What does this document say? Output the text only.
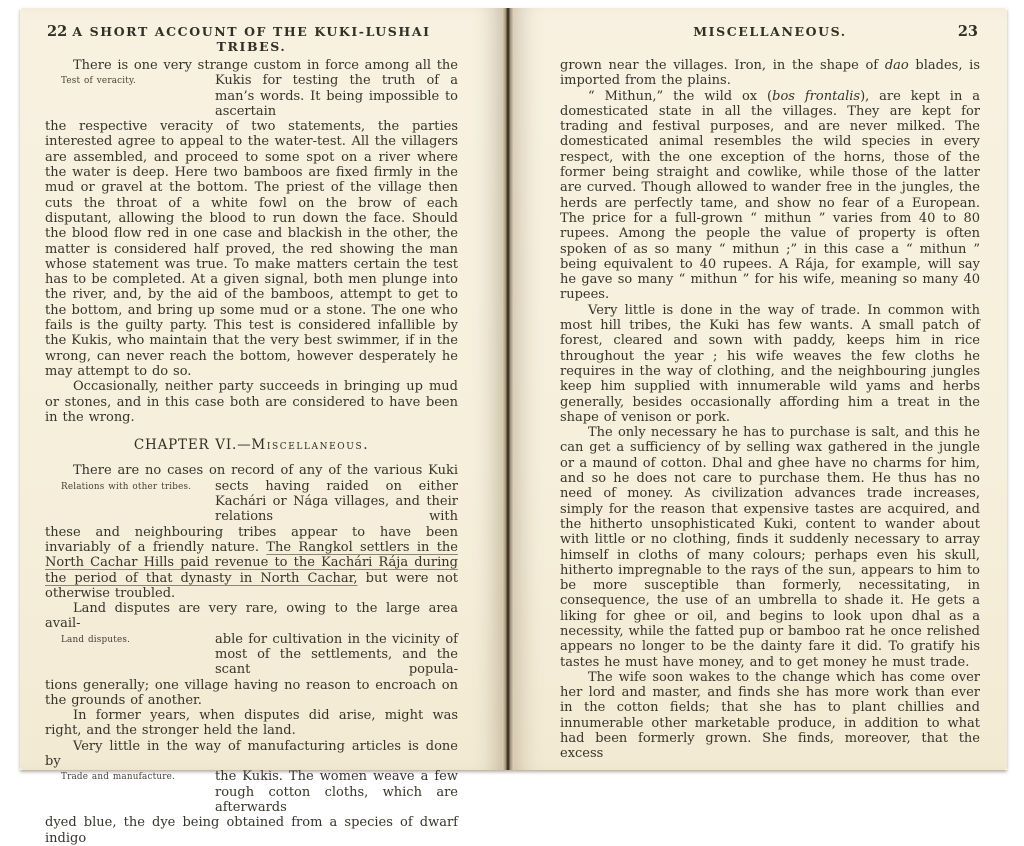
22 A SHORT ACCOUNT OF THE KUKI-LUSHAI TRIBES.
There is one very strange custom in force among all the
Test of veracity.	Kukis for testing the truth of a man’s words. It being impossible to ascertain
the respective veracity of two statements, the parties interested agree to appeal to the water-test. All the villagers are assembled, and proceed to some spot on a river where the water is deep. Here two bamboos are fixed firmly in the mud or gravel at the bottom. The priest of the village then cuts the throat of a white fowl on the brow of each disputant, allowing the blood to run down the face. Should the blood flow red in one case and blackish in the other, the matter is considered half proved, the red showing the man whose statement was true. To make matters certain the test has to be completed. At a given signal, both men plunge into the river, and, by the aid of the bamboos, attempt to get to the bottom, and bring up some mud or a stone. The one who fails is the guilty party. This test is considered infallible by the Kukis, who maintain that the very best swimmer, if in the wrong, can never reach the bottom, however desperately he may attempt to do so.

Occasionally, neither party succeeds in bringing up mud or stones, and in this case both are considered to have been in the wrong.

CHAPTER VI.—Miscellaneous.
There are no cases on record of any of the various Kuki
Relations with other tribes.	sects having raided on either Kachári or Nága villages, and their relations with
these and neighbouring tribes appear to have been invariably of a friendly nature. The Rangkol settlers in the North Cachar Hills paid revenue to the Kachári Rája during the period of that dynasty in North Cachar, but were not otherwise troubled.
Land disputes are very rare, owing to the large area avail-
Land disputes.	able for cultivation in the vicinity of most of the settlements, and the scant popula-
tions generally; one village having no reason to encroach on the grounds of another.

In former years, when disputes did arise, might was right, and the stronger held the land.

Very little in the way of manufacturing articles is done by
Trade and manufacture.	the Kukis. The women weave a few rough cotton cloths, which are afterwards
dyed blue, the dye being obtained from a species of dwarf indigo
MISCELLANEOUS.	23

grown near the villages. Iron, in the shape of dao blades, is imported from the plains.

“ Mithun,” the wild ox (bos frontalis), are kept in a domesticated state in all the villages. They are kept for trading and festival purposes, and are never milked. The domesticated animal resembles the wild species in every respect, with the one exception of the horns, those of the former being straight and cowlike, while those of the latter are curved. Though allowed to wander free in the jungles, the herds are perfectly tame, and show no fear of a European. The price for a full-grown “ mithun ” varies from 40 to 80 rupees. Among the people the value of property is often spoken of as so many “ mithun ;” in this case a “ mithun ” being equivalent to 40 rupees. A Rája, for example, will say he gave so many “ mithun ” for his wife, meaning so many 40 rupees.

Very little is done in the way of trade. In common with most hill tribes, the Kuki has few wants. A small patch of forest, cleared and sown with paddy, keeps him in rice throughout the year ; his wife weaves the few cloths he requires in the way of clothing, and the neighbouring jungles keep him supplied with innumerable wild yams and herbs generally, besides occasionally affording him a treat in the shape of venison or pork.

The only necessary he has to purchase is salt, and this he can get a sufficiency of by selling wax gathered in the jungle or a maund of cotton. Dhal and ghee have no charms for him, and so he does not care to purchase them. He thus has no need of money. As civilization advances trade increases, simply for the reason that expensive tastes are acquired, and the hitherto unsophisticated Kuki, content to wander about with little or no clothing, finds it suddenly necessary to array himself in cloths of many colours; perhaps even his skull, hitherto impregnable to the rays of the sun, appears to him to be more susceptible than formerly, necessitating, in consequence, the use of an umbrella to shade it. He gets a liking for ghee or oil, and begins to look upon dhal as a necessity, while the fatted pup or bamboo rat he once relished appears no longer to be the dainty fare it did. To gratify his tastes he must have money, and to get money he must trade.

The wife soon wakes to the change which has come over her lord and master, and finds she has more work than ever in the cotton fields; that she has to plant chillies and innumerable other marketable produce, in addition to what had been formerly grown. She finds, moreover, that the excess
